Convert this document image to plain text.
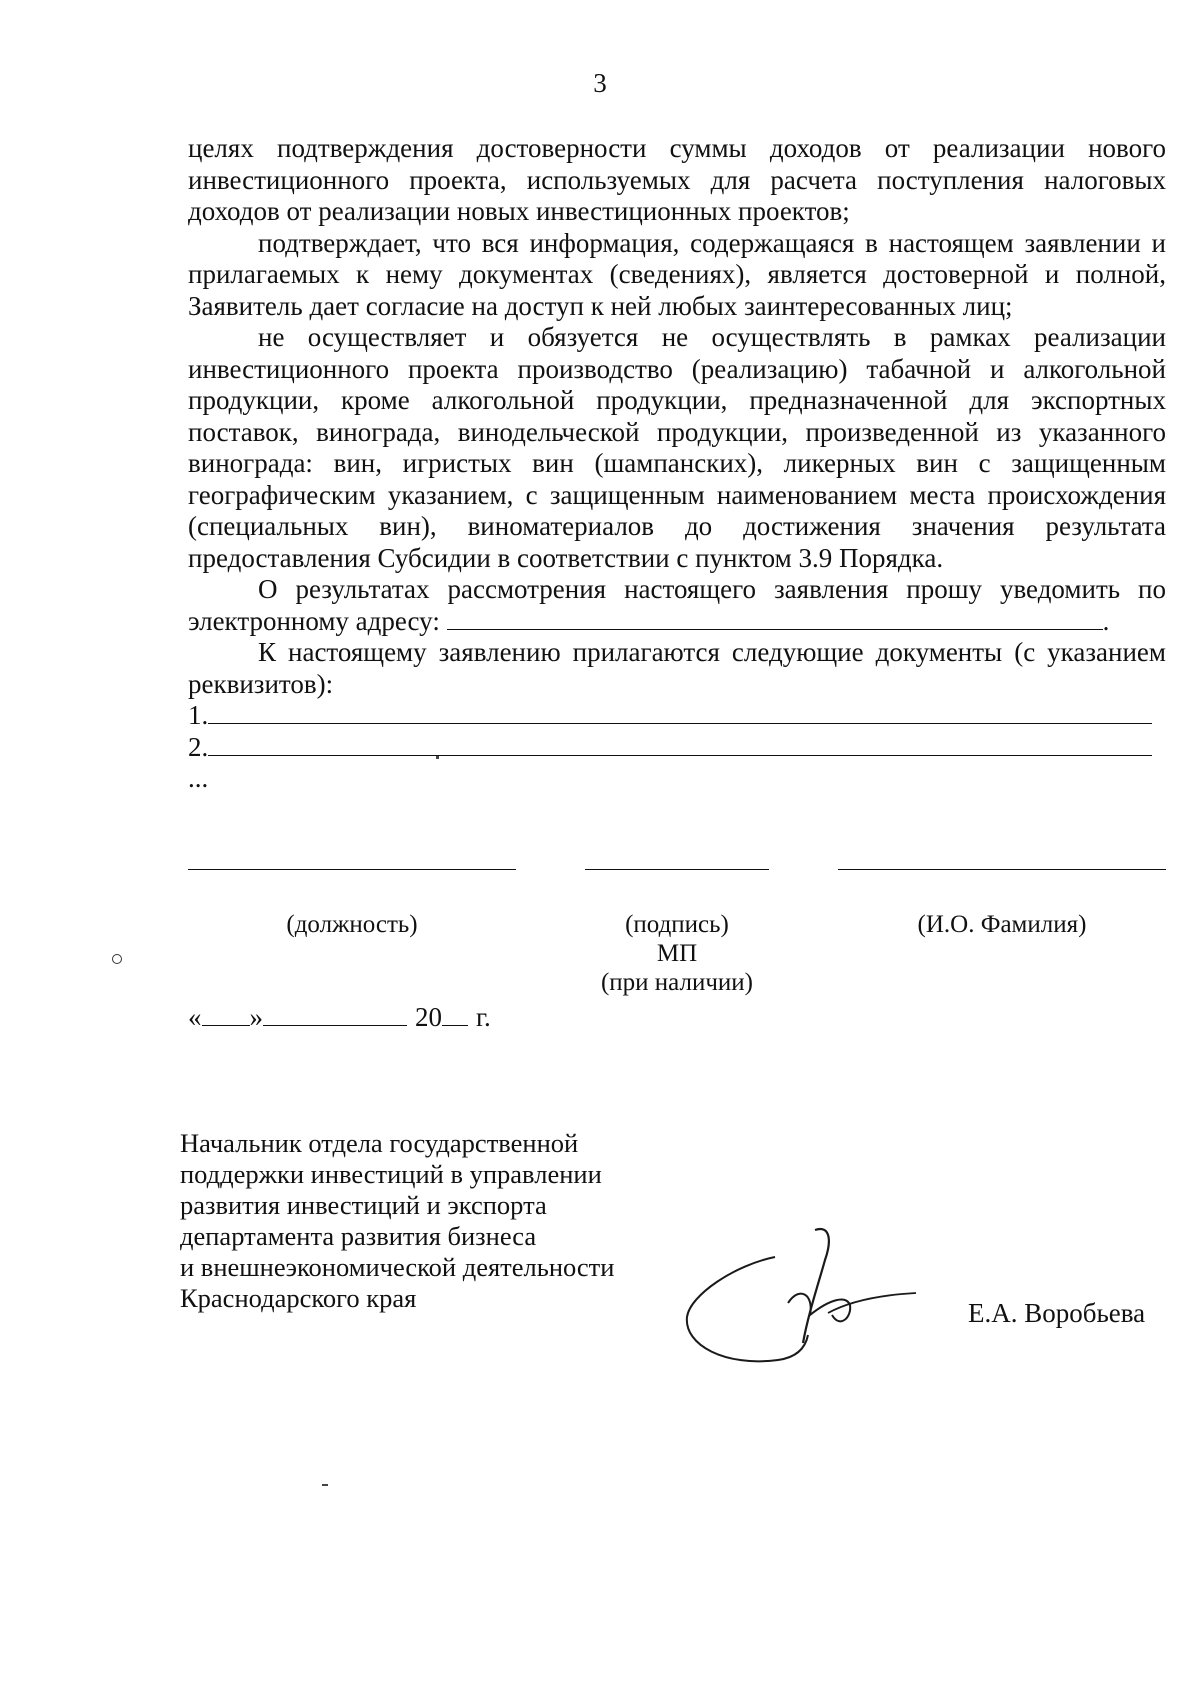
3

целях подтверждения достоверности суммы доходов от реализации нового инвестиционного проекта, используемых для расчета поступления налоговых доходов от реализации новых инвестиционных проектов;

подтверждает, что вся информация, содержащаяся в настоящем заявлении и прилагаемых к нему документах (сведениях), является достоверной и полной, Заявитель дает согласие на доступ к ней любых заинтересованных лиц;

не осуществляет и обязуется не осуществлять в рамках реализации инвестиционного проекта производство (реализацию) табачной и алкогольной продукции, кроме алкогольной продукции, предназначенной для экспортных поставок, винограда, винодельческой продукции, произведенной из указанного винограда: вин, игристых вин (шампанских), ликерных вин с защищенным географическим указанием, с защищенным наименованием места происхождения (специальных вин), виноматериалов до достижения значения результата предоставления Субсидии в соответствии с пунктом 3.9 Порядка.

О результатах рассмотрения настоящего заявления прошу уведомить по электронному адресу:	.

К настоящему заявлению прилагаются следующие документы (с указанием реквизитов):

1.
2.
...
(должность)	(подпись)
МП
(при наличии)
(И.О. Фамилия)
« »	20 г.
Начальник отдела государственной
поддержки инвестиций в управлении
развития инвестиций и экспорта
департамента развития бизнеса
и внешнеэкономической деятельности
Краснодарского края	Е.А. Воробьева
